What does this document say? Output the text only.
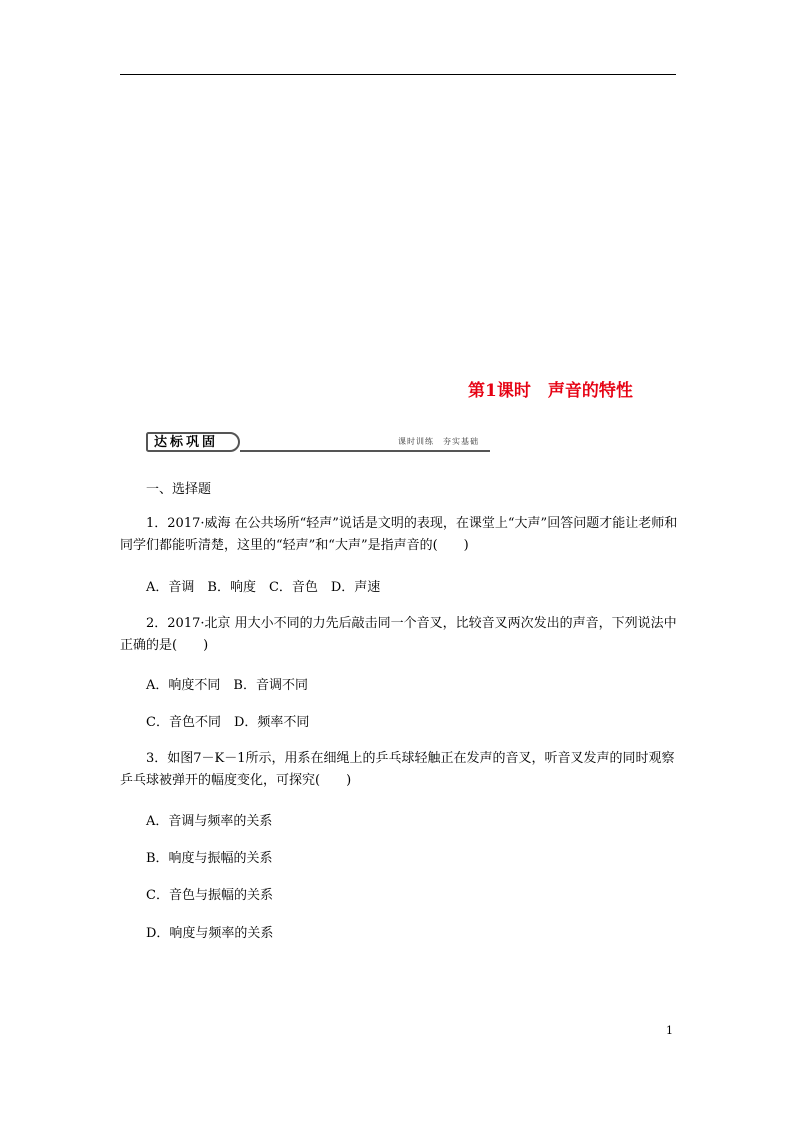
第1课时　声音的特性
达标巩固	课时训练　夯实基础
一、选择题
1．2017·威海 在公共场所“轻声”说话是文明的表现，在课堂上“大声”回答问题才能让老师和同学们都能听清楚，这里的“轻声”和“大声”是指声音的(　　)
A．音调　B．响度　C．音色　D．声速
2．2017·北京 用大小不同的力先后敲击同一个音叉，比较音叉两次发出的声音，下列说法中正确的是(　　)
A．响度不同　B．音调不同
C．音色不同　D．频率不同
3．如图7－K－1所示，用系在细绳上的乒乓球轻触正在发声的音叉，听音叉发声的同时观察乒乓球被弹开的幅度变化，可探究(　　)
A．音调与频率的关系
B．响度与振幅的关系
C．音色与振幅的关系
D．响度与频率的关系
1
